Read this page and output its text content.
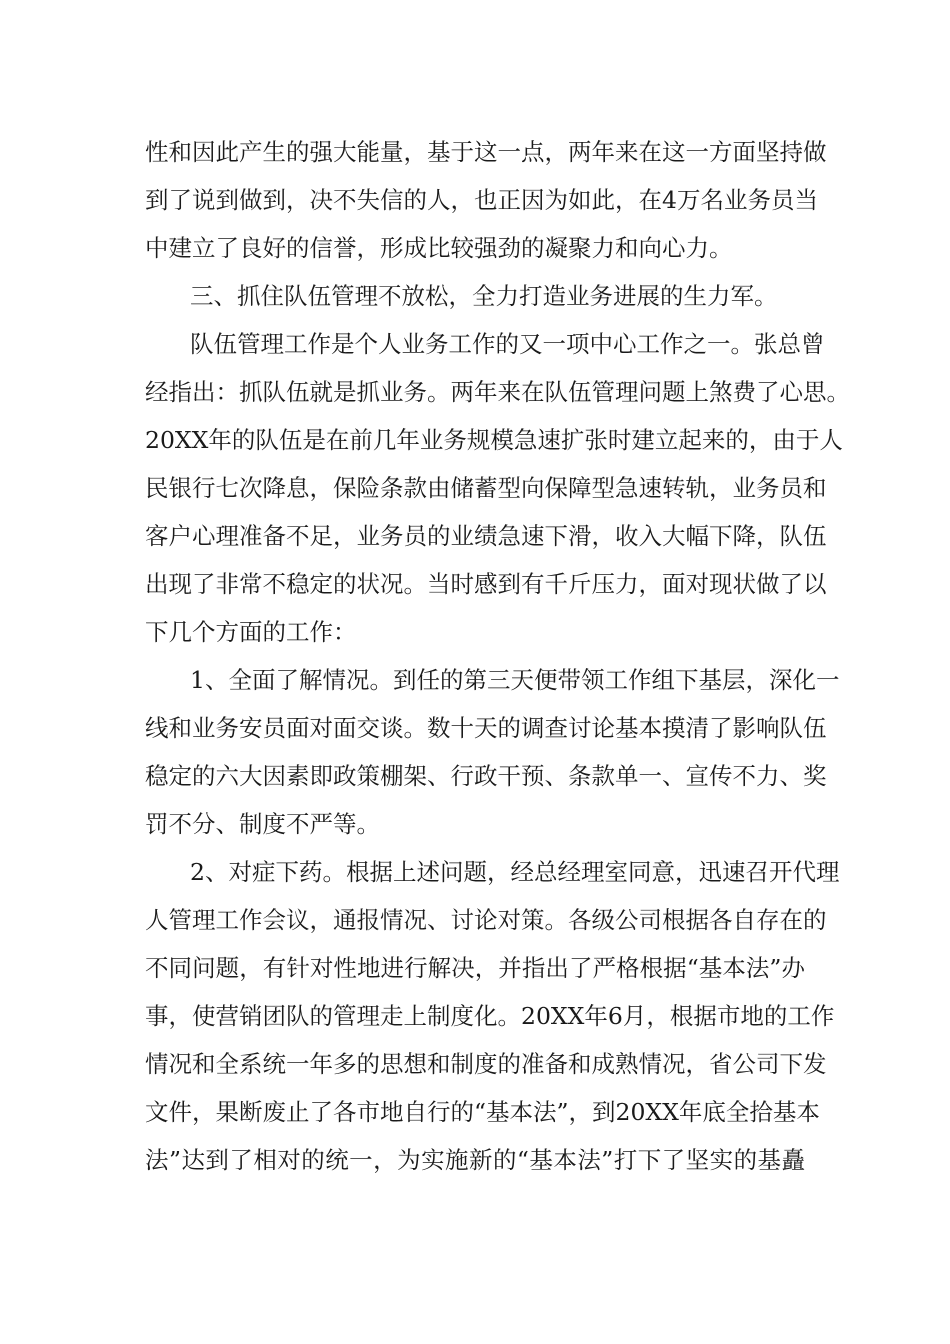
性和因此产生的强大能量，基于这一点，两年来在这一方面坚持做
到了说到做到，决不失信的人，也正因为如此，在4万名业务员当
中建立了良好的信誉，形成比较强劲的凝聚力和向心力。
三、抓住队伍管理不放松，全力打造业务进展的生力军。
队伍管理工作是个人业务工作的又一项中心工作之一。张总曾
经指出：抓队伍就是抓业务。两年来在队伍管理问题上煞费了心思。
20XX年的队伍是在前几年业务规模急速扩张时建立起来的，由于人
民银行七次降息，保险条款由储蓄型向保障型急速转轨，业务员和
客户心理准备不足，业务员的业绩急速下滑，收入大幅下降，队伍
出现了非常不稳定的状况。当时感到有千斤压力，面对现状做了以
下几个方面的工作：
1、全面了解情况。到任的第三天便带领工作组下基层，深化一
线和业务安员面对面交谈。数十天的调查讨论基本摸清了影响队伍
稳定的六大因素即政策棚架、行政干预、条款单一、宣传不力、奖
罚不分、制度不严等。
2、对症下药。根据上述问题，经总经理室同意，迅速召开代理
人管理工作会议，通报情况、讨论对策。各级公司根据各自存在的
不同问题，有针对性地进行解决，并指出了严格根据“基本法”办
事，使营销团队的管理走上制度化。20XX年6月，根据市地的工作
情况和全系统一年多的思想和制度的准备和成熟情况，省公司下发
文件，果断废止了各市地自行的“基本法”，到20XX年底全拾基本
法”达到了相对的统一，为实施新的“基本法”打下了坚实的基矗
